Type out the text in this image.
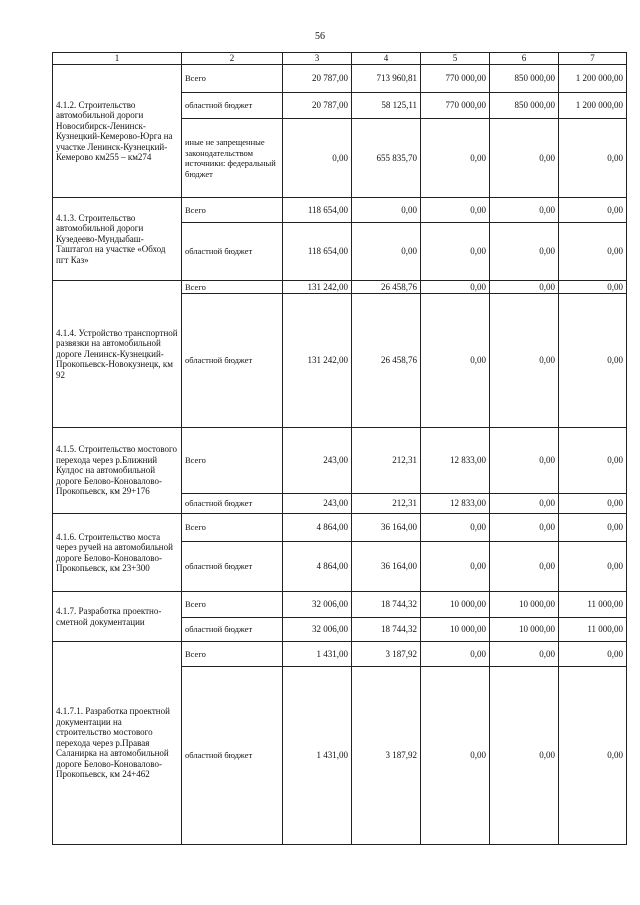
56
1	2	3	4	5	6	7
4.1.2. Строительство автомобильной дороги Новосибирск-Ленинск-Кузнецкий-Кемерово-Юрга на участке Ленинск-Кузнецкий-Кемерово км255 – км274	Всего	20 787,00	713 960,81	770 000,00	850 000,00	1 200 000,00
	областной бюджет	20 787,00	58 125,11	770 000,00	850 000,00	1 200 000,00
	иные не запрещенные законодательством источники: федеральный бюджет	0,00	655 835,70	0,00	0,00	0,00
4.1.3. Строительство автомобильной дороги Кузедеево-Мундыбаш-Таштагол на участке «Обход пгт Каз»	Всего	118 654,00	0,00	0,00	0,00	0,00
	областной бюджет	118 654,00	0,00	0,00	0,00	0,00
4.1.4. Устройство транспортной развязки на автомобильной дороге Ленинск-Кузнецкий-Прокопьевск-Новокузнецк, км 92	Всего	131 242,00	26 458,76	0,00	0,00	0,00
	областной бюджет	131 242,00	26 458,76	0,00	0,00	0,00
4.1.5. Строительство мостового перехода через р.Ближний Кулдос на автомобильной дороге Белово-Коновалово-Прокопьевск, км 29+176	Всего	243,00	212,31	12 833,00	0,00	0,00
	областной бюджет	243,00	212,31	12 833,00	0,00	0,00
4.1.6. Строительство моста через ручей на автомобильной дороге Белово-Коновалово-Прокопьевск, км 23+300	Всего	4 864,00	36 164,00	0,00	0,00	0,00
	областной бюджет	4 864,00	36 164,00	0,00	0,00	0,00
4.1.7. Разработка проектно-сметной документации	Всего	32 006,00	18 744,32	10 000,00	10 000,00	11 000,00
	областной бюджет	32 006,00	18 744,32	10 000,00	10 000,00	11 000,00
4.1.7.1. Разработка проектной документации на строительство мостового перехода через р.Правая Саланирка на автомобильной дороге Белово-Коновалово-Прокопьевск, км 24+462	Всего	1 431,00	3 187,92	0,00	0,00	0,00
	областной бюджет	1 431,00	3 187,92	0,00	0,00	0,00
